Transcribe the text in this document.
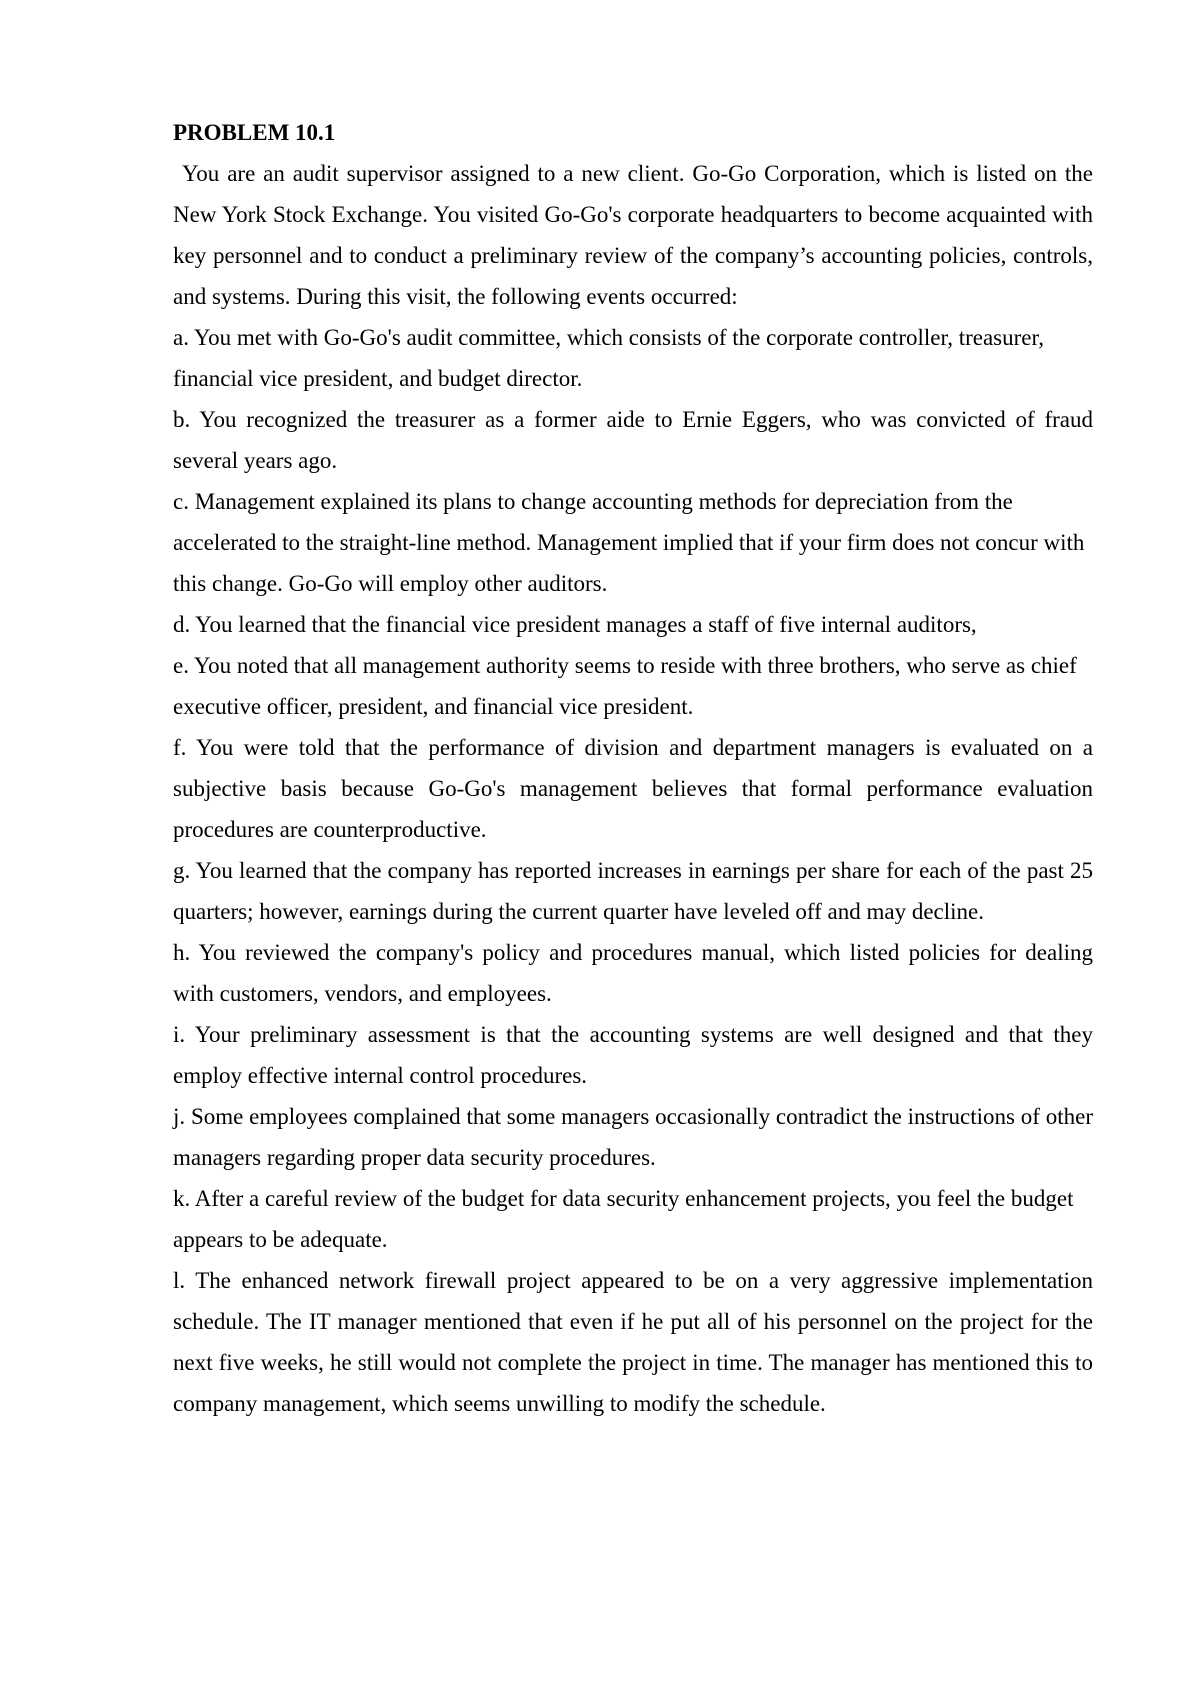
PROBLEM 10.1

You are an audit supervisor assigned to a new client. Go-Go Corporation, which is listed on the New York Stock Exchange. You visited Go-Go's corporate headquarters to become acquainted with key personnel and to conduct a preliminary review of the company’s accounting policies, controls, and systems. During this visit, the following events occurred:

a. You met with Go-Go's audit committee, which consists of the corporate controller, treasurer, financial vice president, and budget director.

b. You recognized the treasurer as a former aide to Ernie Eggers, who was convicted of fraud several years ago.

c. Management explained its plans to change accounting methods for depreciation from the accelerated to the straight-line method. Management implied that if your firm does not concur with this change. Go-Go will employ other auditors.

d. You learned that the financial vice president manages a staff of five internal auditors,

e. You noted that all management authority seems to reside with three brothers, who serve as chief executive officer, president, and financial vice president.

f. You were told that the performance of division and department managers is evaluated on a subjective basis because Go-Go's management believes that formal performance evaluation procedures are counterproductive.

g. You learned that the company has reported increases in earnings per share for each of the past 25 quarters; however, earnings during the current quarter have leveled off and may decline.

h. You reviewed the company's policy and procedures manual, which listed policies for dealing with customers, vendors, and employees.

i. Your preliminary assessment is that the accounting systems are well designed and that they employ effective internal control procedures.

j. Some employees complained that some managers occasionally contradict the instructions of other managers regarding proper data security procedures.

k. After a careful review of the budget for data security enhancement projects, you feel the budget appears to be adequate.

l. The enhanced network firewall project appeared to be on a very aggressive implementation schedule. The IT manager mentioned that even if he put all of his personnel on the project for the next five weeks, he still would not complete the project in time. The manager has mentioned this to company management, which seems unwilling to modify the schedule.
